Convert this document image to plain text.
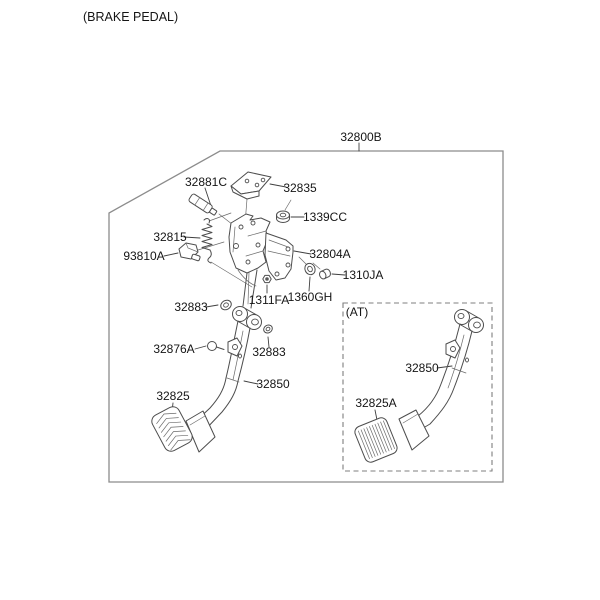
(BRAKE PEDAL)
32800B
32881C	32835
1339CC
32815
93810A	32804A
1310JA
1360GH
1311FA
32883
32876A	32883
32850
32825
(AT)
32850
32825A
